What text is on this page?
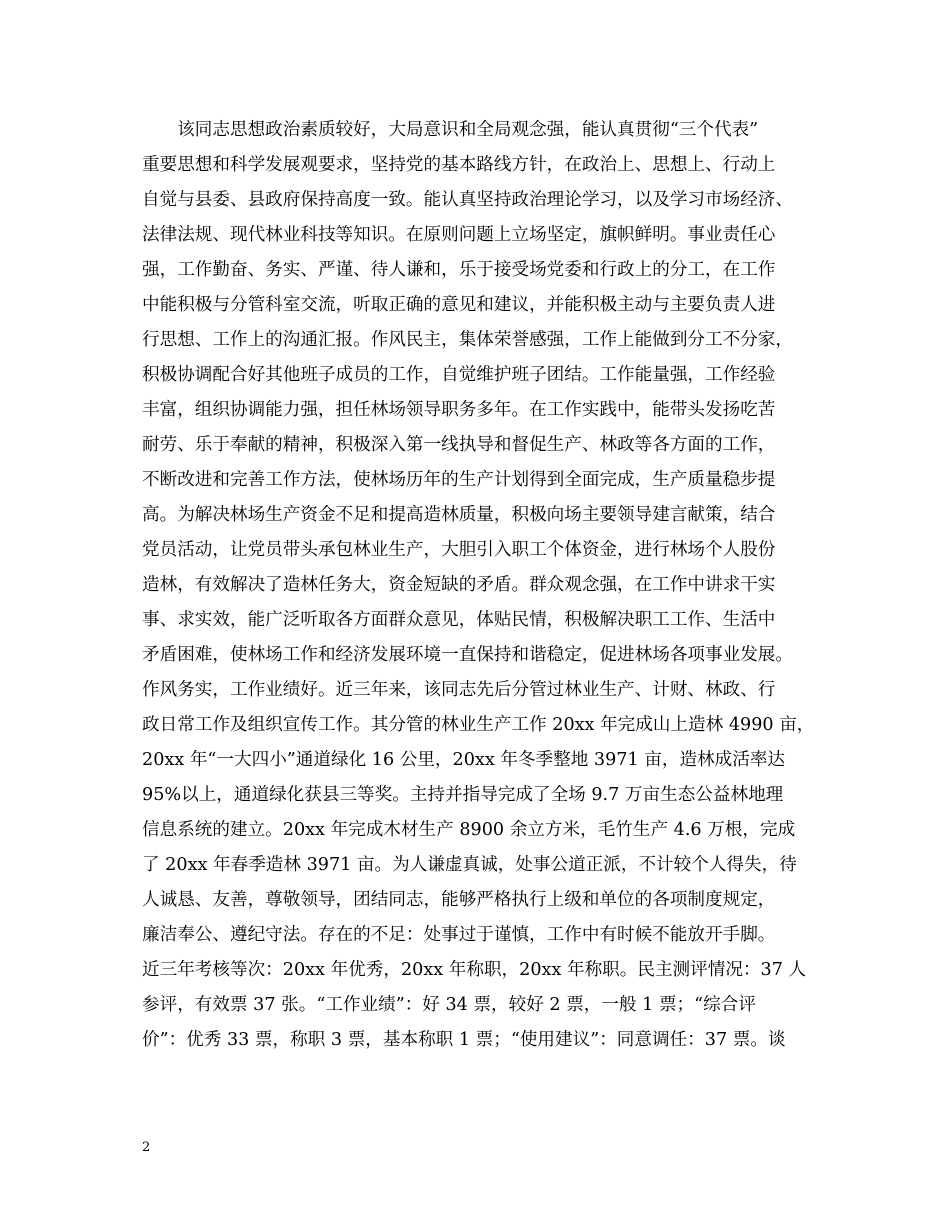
　　该同志思想政治素质较好，大局意识和全局观念强，能认真贯彻“三个代表”
重要思想和科学发展观要求，坚持党的基本路线方针，在政治上、思想上、行动上
自觉与县委、县政府保持高度一致。能认真坚持政治理论学习，以及学习市场经济、
法律法规、现代林业科技等知识。在原则问题上立场坚定，旗帜鲜明。事业责任心
强，工作勤奋、务实、严谨、待人谦和，乐于接受场党委和行政上的分工，在工作
中能积极与分管科室交流，听取正确的意见和建议，并能积极主动与主要负责人进
行思想、工作上的沟通汇报。作风民主，集体荣誉感强，工作上能做到分工不分家，
积极协调配合好其他班子成员的工作，自觉维护班子团结。工作能量强，工作经验
丰富，组织协调能力强，担任林场领导职务多年。在工作实践中，能带头发扬吃苦
耐劳、乐于奉献的精神，积极深入第一线执导和督促生产、林政等各方面的工作，
不断改进和完善工作方法，使林场历年的生产计划得到全面完成，生产质量稳步提
高。为解决林场生产资金不足和提高造林质量，积极向场主要领导建言献策，结合
党员活动，让党员带头承包林业生产，大胆引入职工个体资金，进行林场个人股份
造林，有效解决了造林任务大，资金短缺的矛盾。群众观念强，在工作中讲求干实
事、求实效，能广泛听取各方面群众意见，体贴民情，积极解决职工工作、生活中
矛盾困难，使林场工作和经济发展环境一直保持和谐稳定，促进林场各项事业发展。
作风务实，工作业绩好。近三年来，该同志先后分管过林业生产、计财、林政、行
政日常工作及组织宣传工作。其分管的林业生产工作 20xx 年完成山上造林 4990 亩，
20xx 年“一大四小”通道绿化 16 公里，20xx 年冬季整地 3971 亩，造林成活率达
95%以上，通道绿化获县三等奖。主持并指导完成了全场 9.7 万亩生态公益林地理
信息系统的建立。20xx 年完成木材生产 8900 余立方米，毛竹生产 4.6 万根，完成
了 20xx 年春季造林 3971 亩。为人谦虚真诚，处事公道正派，不计较个人得失，待
人诚恳、友善，尊敬领导，团结同志，能够严格执行上级和单位的各项制度规定，
廉洁奉公、遵纪守法。存在的不足：处事过于谨慎，工作中有时候不能放开手脚。
近三年考核等次：20xx 年优秀，20xx 年称职，20xx 年称职。民主测评情况：37 人
参评，有效票 37 张。“工作业绩”：好 34 票，较好 2 票，一般 1 票；“综合评
价”：优秀 33 票，称职 3 票，基本称职 1 票；“使用建议”：同意调任：37 票。谈
2
